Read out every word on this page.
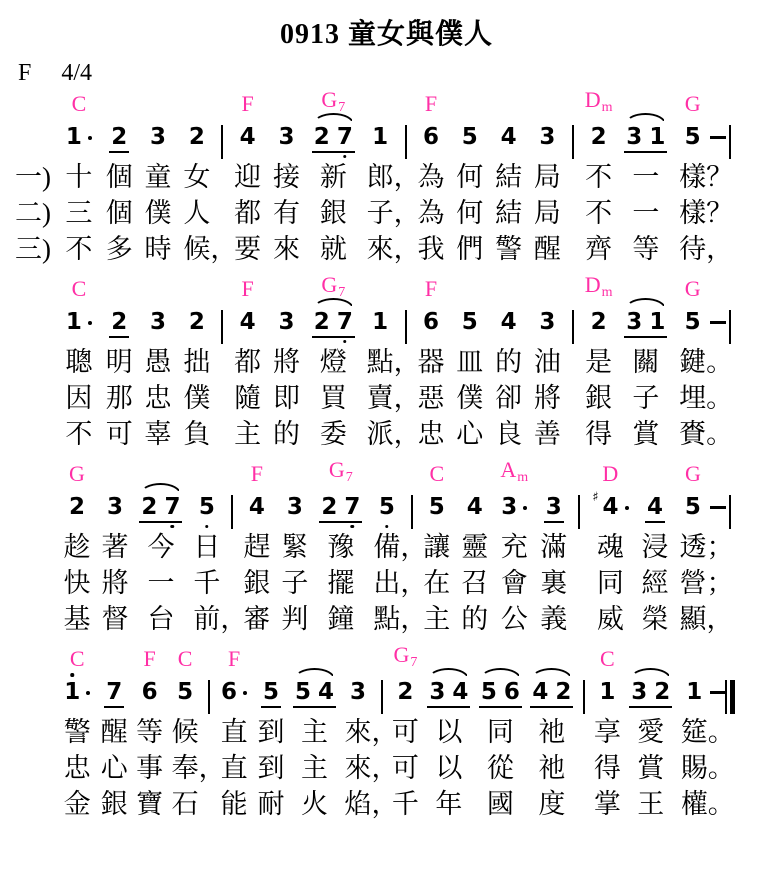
0913 童女與僕人
F 4/4
一)
二)
三)
C
1
十
三
不
2
個
個
多
3
童
僕
時
2
女
人
候，
F
4
迎
都
要
3
接
有
來
G7
2 7
新
銀
就
1
郎，
子，
來，
F
6
為
為
我
5
何
何
們
4
結
結
警
3
局
局
醒
Dm
2
不
不
齊
3 1
一
一
等
G
5
樣？
樣？
待，
C
1
聰
因
不
2
明
那
可
3
愚
忠
辜
2
拙
僕
負
F
4
都
隨
主
3
將
即
的
G7
2 7
燈
買
委
1
點，
賣，
派，
F
6
器
惡
忠
5
皿
僕
心
4
的
卻
良
3
油
將
善
Dm
2
是
銀
得
3 1
關
子
賞
G
5
鍵。
埋。
賚。
G
2
趁
快
基
3
著
將
督
2 7
今
一
台
5
日
千
前，
F
4
趕
銀
審
3
緊
子
判
G7
2 7
豫
擺
鐘
5
備，
出，
點，
C
5
讓
在
主
4
靈
召
的
Am
3
充
會
公
3
滿
裏
義
D
♯ 4
魂
同
威
4
浸
經
榮
G
5
透；
營；
顯，
C
1
警
忠
金
7
醒
心
銀
F
6
等
事
寶
C
5
候
奉，
石
F
6
直
直
能
5
到
到
耐
5 4
主
主
火
3
來，
來，
焰，
G7
2
可
可
千
3 4
以
以
年
5 6
同
從
國
4 2
祂
祂
度
C
1
享
得
掌
3 2
愛
賞
王
1
筵。
賜。
權。
